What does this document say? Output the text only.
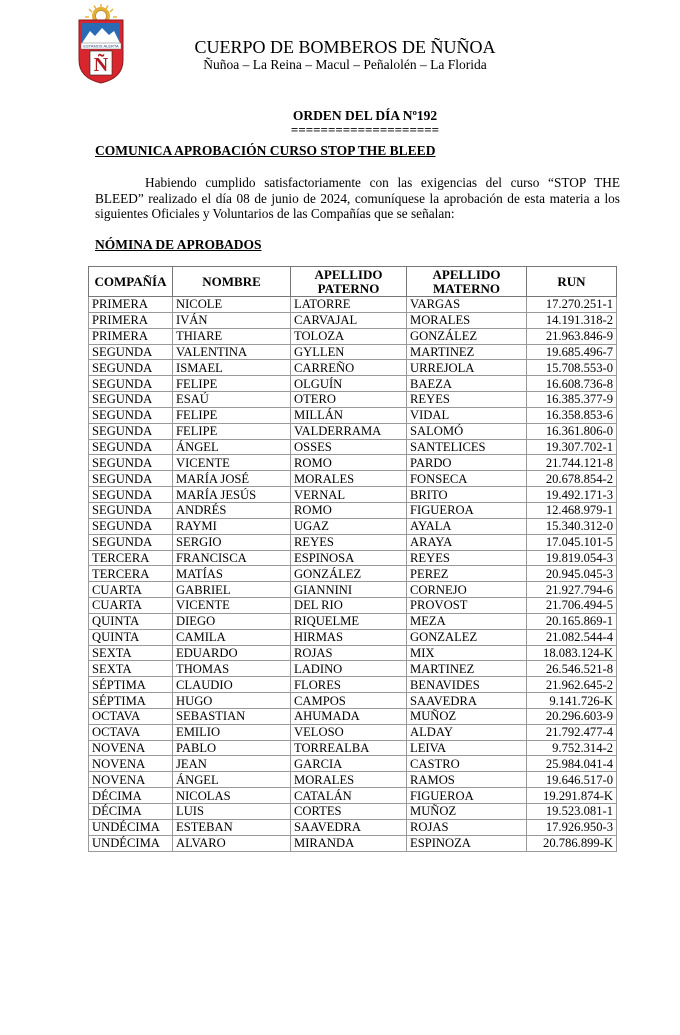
ESTAMOS ALERTA
Ñ
CUERPO DE BOMBEROS DE ÑUÑOA
Ñuñoa – La Reina – Macul – Peñalolén – La Florida
ORDEN DEL DÍA Nº192
====================
COMUNICA APROBACIÓN CURSO STOP THE BLEED

Habiendo cumplido satisfactoriamente con las exigencias del curso “STOP THE BLEED” realizado el día 08 de junio de 2024, comuníquese la aprobación de esta materia a los siguientes Oficiales y Voluntarios de las Compañías que se señalan:

NÓMINA DE APROBADOS
COMPAÑÍA	NOMBRE	APELLIDO PATERNO	APELLIDO MATERNO	RUN
PRIMERA	NICOLE	LATORRE	VARGAS	17.270.251-1
PRIMERA	IVÁN	CARVAJAL	MORALES	14.191.318-2
PRIMERA	THIARE	TOLOZA	GONZÁLEZ	21.963.846-9
SEGUNDA	VALENTINA	GYLLEN	MARTINEZ	19.685.496-7
SEGUNDA	ISMAEL	CARREÑO	URREJOLA	15.708.553-0
SEGUNDA	FELIPE	OLGUÍN	BAEZA	16.608.736-8
SEGUNDA	ESAÚ	OTERO	REYES	16.385.377-9
SEGUNDA	FELIPE	MILLÁN	VIDAL	16.358.853-6
SEGUNDA	FELIPE	VALDERRAMA	SALOMÓ	16.361.806-0
SEGUNDA	ÁNGEL	OSSES	SANTELICES	19.307.702-1
SEGUNDA	VICENTE	ROMO	PARDO	21.744.121-8
SEGUNDA	MARÍA JOSÉ	MORALES	FONSECA	20.678.854-2
SEGUNDA	MARÍA JESÚS	VERNAL	BRITO	19.492.171-3
SEGUNDA	ANDRÉS	ROMO	FIGUEROA	12.468.979-1
SEGUNDA	RAYMI	UGAZ	AYALA	15.340.312-0
SEGUNDA	SERGIO	REYES	ARAYA	17.045.101-5
TERCERA	FRANCISCA	ESPINOSA	REYES	19.819.054-3
TERCERA	MATÍAS	GONZÁLEZ	PEREZ	20.945.045-3
CUARTA	GABRIEL	GIANNINI	CORNEJO	21.927.794-6
CUARTA	VICENTE	DEL RIO	PROVOST	21.706.494-5
QUINTA	DIEGO	RIQUELME	MEZA	20.165.869-1
QUINTA	CAMILA	HIRMAS	GONZALEZ	21.082.544-4
SEXTA	EDUARDO	ROJAS	MIX	18.083.124-K
SEXTA	THOMAS	LADINO	MARTINEZ	26.546.521-8
SÉPTIMA	CLAUDIO	FLORES	BENAVIDES	21.962.645-2
SÉPTIMA	HUGO	CAMPOS	SAAVEDRA	9.141.726-K
OCTAVA	SEBASTIAN	AHUMADA	MUÑOZ	20.296.603-9
OCTAVA	EMILIO	VELOSO	ALDAY	21.792.477-4
NOVENA	PABLO	TORREALBA	LEIVA	9.752.314-2
NOVENA	JEAN	GARCIA	CASTRO	25.984.041-4
NOVENA	ÁNGEL	MORALES	RAMOS	19.646.517-0
DÉCIMA	NICOLAS	CATALÁN	FIGUEROA	19.291.874-K
DÉCIMA	LUIS	CORTES	MUÑOZ	19.523.081-1
UNDÉCIMA	ESTEBAN	SAAVEDRA	ROJAS	17.926.950-3
UNDÉCIMA	ALVARO	MIRANDA	ESPINOZA	20.786.899-K
